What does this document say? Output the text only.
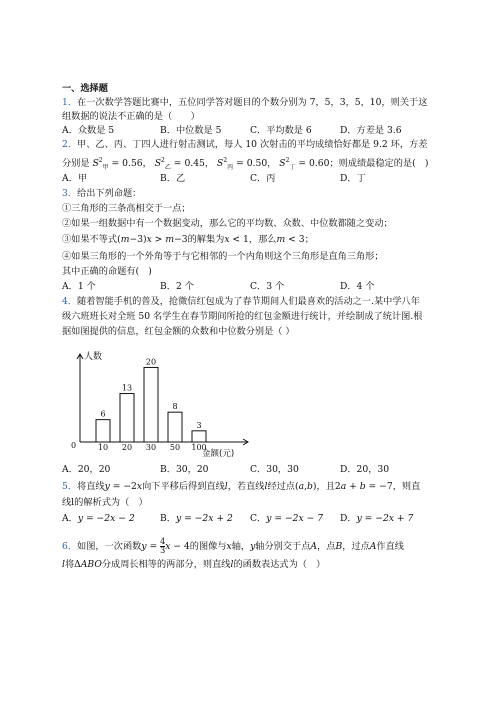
一、选择题
1．在一次数学答题比赛中，五位同学答对题目的个数分别为 7，5，3，5，10，则关于这
组数据的说法不正确的是（　　）
A．众数是 5	B．中位数是 5	C．平均数是 6	D．方差是 3.6
2．甲、乙、丙、丁四人进行射击测试，每人 10 次射击的平均成绩恰好都是 9.2 环，方差
分别是 $S^2_甲 = 0.56$， $S^2_乙 = 0.45$， $S^2_丙 = 0.50$， $S^2_丁 = 0.60$；则成绩最稳定的是(　)
A．甲	B．乙	C．丙	D．丁
3．给出下列命题：
①三角形的三条高相交于一点；
②如果一组数据中有一个数据变动，那么它的平均数、众数、中位数都随之变动；
③如果不等式(m−3)x > m−3的解集为x < 1，那么m < 3；
④如果三角形的一个外角等于与它相邻的一个内角则这个三角形是直角三角形；
其中正确的命题有(　)
A．1 个	B．2 个	C．3 个	D．4 个
4．随着智能手机的普及，抢微信红包成为了春节期间人们最喜欢的活动之一.某中学八年
级六班班长对全班 50 名学生在春节期间所抢的红包金额进行统计，并绘制成了统计图.根
据如图提供的信息，红包金额的众数和中位数分别是（ ）
人数
0
金额(元)
6
10
13
20
20
30
8
50
3
100
A．20，20	B．30，20	C．30，30	D．20，30
5．将直线y = −2x向下平移后得到直线l，若直线l经过点(a,b)，且2a + b = −7，则直
线l的解析式为（　）
A．y = −2x − 2	B．y = −2x + 2 C．y = −2x − 7 D．y = −2x + 7
6．如图，一次函数$y = \frac{4}{3}$ x − 4的图像与x轴，y轴分别交于点A，点B，过点A作直线
l将ΔABO分成周长相等的两部分，则直线l的函数表达式为（　）
